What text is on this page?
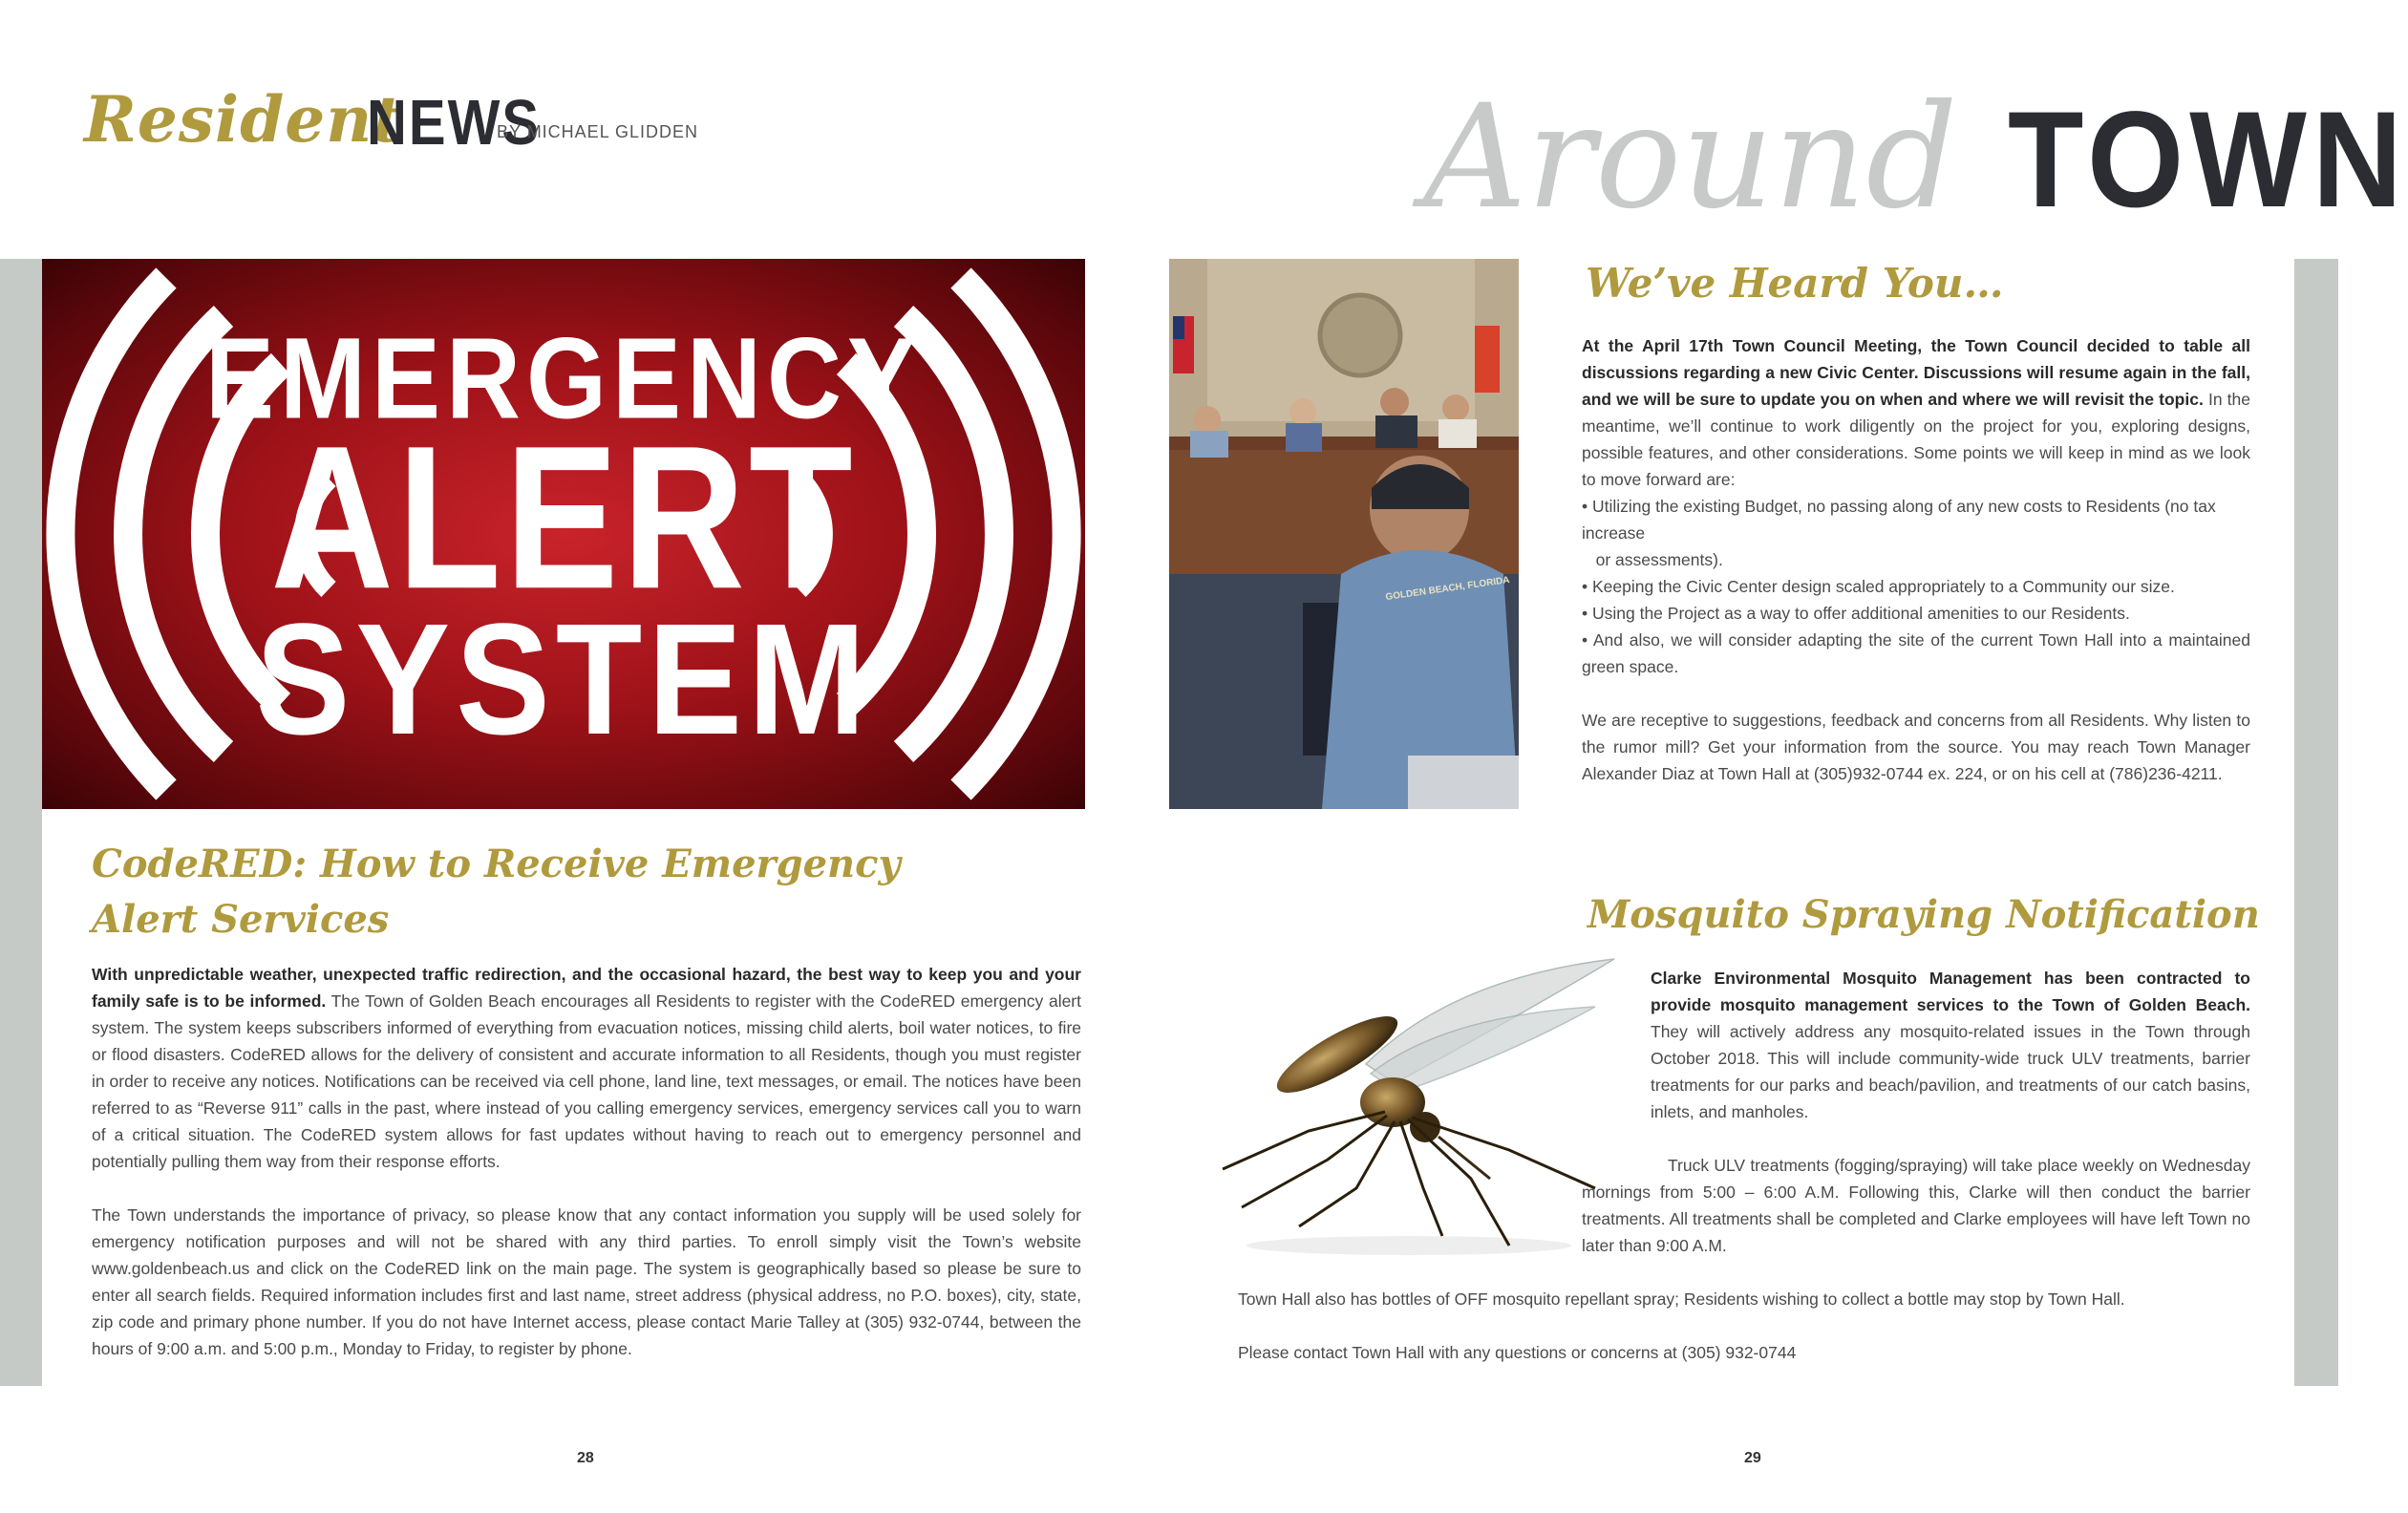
Resident
NEWS
BY MICHAEL GLIDDEN	Around TOWN
EMERGENCY
ALERT
SYSTEM
CodeRED: How to Receive Emergency Alert Services

With unpredictable weather, unexpected traffic redirection, and the occasional hazard, the best way to keep you and your family safe is to be informed. The Town of Golden Beach encourages all Residents to register with the CodeRED emergency alert system. The system keeps subscribers informed of everything from evacuation notices, missing child alerts, boil water notices, to fire or flood disasters. CodeRED allows for the delivery of consistent and accurate information to all Residents, though you must register in order to receive any notices. Notifications can be received via cell phone, land line, text messages, or email. The notices have been referred to as “Reverse 911” calls in the past, where instead of you calling emergency services, emergency services call you to warn of a critical situation. The CodeRED system allows for fast updates without having to reach out to emergency personnel and potentially pulling them way from their response efforts.

The Town understands the importance of privacy, so please know that any contact information you supply will be used solely for emergency notification purposes and will not be shared with any third parties. To enroll simply visit the Town’s website www.goldenbeach.us and click on the CodeRED link on the main page. The system is geographically based so please be sure to enter all search fields. Required information includes first and last name, street address (physical address, no P.O. boxes), city, state, zip code and primary phone number. If you do not have Internet access, please contact Marie Talley at (305) 932-0744, between the hours of 9:00 a.m. and 5:00 p.m., Monday to Friday, to register by phone.

GOLDEN BEACH, FLORIDA
We’ve Heard You…

At the April 17th Town Council Meeting, the Town Council decided to table all discussions regarding a new Civic Center. Discussions will resume again in the fall, and we will be sure to update you on when and where we will revisit the topic. In the meantime, we’ll continue to work diligently on the project for you, exploring designs, possible features, and other considerations. Some points we will keep in mind as we look to move forward are:

• Utilizing the existing Budget, no passing along of any new costs to Residents (no tax increase
or assessments).
• Keeping the Civic Center design scaled appropriately to a Community our size.
• Using the Project as a way to offer additional amenities to our Residents.
• And also, we will consider adapting the site of the current Town Hall into a maintained green space.

We are receptive to suggestions, feedback and concerns from all Residents. Why listen to the rumor mill? Get your information from the source. You may reach Town Manager Alexander Diaz at Town Hall at (305)932-0744 ex. 224, or on his cell at (786)236-4211.

Mosquito Spraying Notification

Clarke Environmental Mosquito Management has been contracted to provide mosquito management services to the Town of Golden Beach. They will actively address any mosquito-related issues in the Town through October 2018. This will include community-wide truck ULV treatments, barrier treatments for our parks and beach/pavilion, and treatments of our catch basins, inlets, and manholes.

Truck ULV treatments (fogging/spraying) will take place weekly on Wednesday mornings from 5:00 – 6:00 A.M. Following this, Clarke will then conduct the barrier treatments. All treatments shall be completed and Clarke employees will have left Town no later than 9:00 A.M.
Town Hall also has bottles of OFF mosquito repellant spray; Residents wishing to collect a bottle may stop by Town Hall.
Please contact Town Hall with any questions or concerns at (305) 932-0744
28	29
